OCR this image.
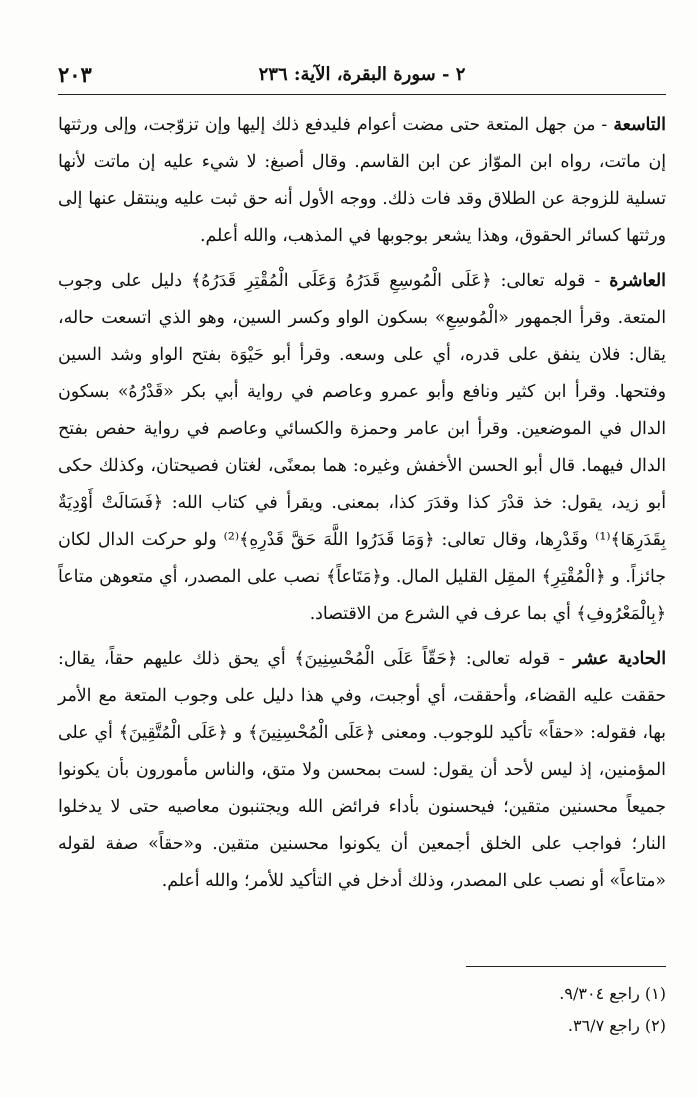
٢ - سورة البقرة، الآية: ٢٣٦
٢٠٣

التاسعة - من جهل المتعة حتى مضت أعوام فليدفع ذلك إليها وإن تزوّجت، وإلى ورثتها إن ماتت، رواه ابن الموّاز عن ابن القاسم. وقال أصبغ: لا شيء عليه إن ماتت لأنها تسلية للزوجة عن الطلاق وقد فات ذلك. ووجه الأول أنه حق ثبت عليه وينتقل عنها إلى ورثتها كسائر الحقوق، وهذا يشعر بوجوبها في المذهب، والله أعلم.

العاشرة - قوله تعالى: ﴿عَلَى الْمُوسِعِ قَدَرُهُ وَعَلَى الْمُقْتِرِ قَدَرُهُ﴾ دليل على وجوب المتعة. وقرأ الجمهور «الْمُوسِعِ» بسكون الواو وكسر السين، وهو الذي اتسعت حاله، يقال: فلان ينفق على قدره، أي على وسعه. وقرأ أبو حَيْوَة بفتح الواو وشد السين وفتحها. وقرأ ابن كثير ونافع وأبو عمرو وعاصم في رواية أبي بكر «قَدْرُهُ» بسكون الدال في الموضعين. وقرأ ابن عامر وحمزة والكسائي وعاصم في رواية حفص بفتح الدال فيهما. قال أبو الحسن الأخفش وغيره: هما بمعنًى، لغتان فصيحتان، وكذلك حكى أبو زيد، يقول: خذ قدْرَ كذا وقدَرَ كذا، بمعنى. ويقرأ في كتاب الله: ﴿فَسَالَتْ أَوْدِيَةٌ بِقَدَرِهَا﴾⁽¹⁾ وقَدْرِها، وقال تعالى: ﴿وَمَا قَدَرُوا اللَّهَ حَقَّ قَدْرِهِ﴾⁽²⁾ ولو حركت الدال لكان جائزاً. و ﴿الْمُقْتِرِ﴾ المقِل القليل المال. و﴿مَتَاعاً﴾ نصب على المصدر، أي متعوهن متاعاً ﴿بِالْمَعْرُوفِ﴾ أي بما عرف في الشرع من الاقتصاد.

الحادية عشر - قوله تعالى: ﴿حَقّاً عَلَى الْمُحْسِنِينَ﴾ أي يحق ذلك عليهم حقاً، يقال: حققت عليه القضاء، وأحققت، أي أوجبت، وفي هذا دليل على وجوب المتعة مع الأمر بها، فقوله: «حقاً» تأكيد للوجوب. ومعنى ﴿عَلَى الْمُحْسِنِينَ﴾ و ﴿عَلَى الْمُتَّقِينَ﴾ أي على المؤمنين، إذ ليس لأحد أن يقول: لست بمحسن ولا متق، والناس مأمورون بأن يكونوا جميعاً محسنين متقين؛ فيحسنون بأداء فرائض الله ويجتنبون معاصيه حتى لا يدخلوا النار؛ فواجب على الخلق أجمعين أن يكونوا محسنين متقين. و«حقاً» صفة لقوله «متاعاً» أو نصب على المصدر، وذلك أدخل في التأكيد للأمر؛ والله أعلم.

(١) راجع ٩/٣٠٤.
(٢) راجع ٣٦/٧.
